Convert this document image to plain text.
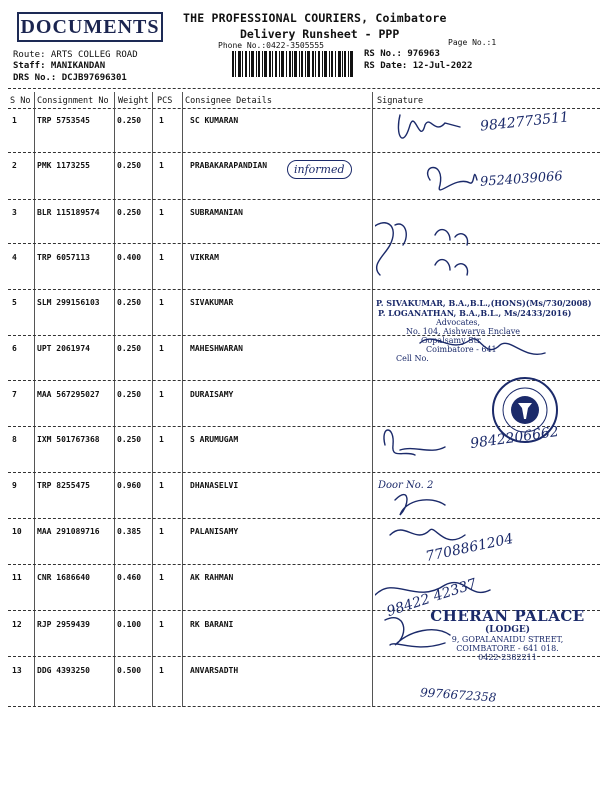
DOCUMENTS THE PROFESSIONAL COURIERS, Coimbatore
Delivery Runsheet - PPP
Phone No.:0422-3505555	Page No.:1
Route: ARTS COLLEG ROAD
Staff: MANIKANDAN
DRS No.: DCJB97696301
RS No.: 976963
RS Date: 12-Jul-2022
S No Consignment No Weight PCS Consignee Details	Signature
1	TRP 5753545	0.250 1	SC KUMARAN
2	PMK 1173255	0.250 1	PRABAKARAPANDIAN
3	BLR 115189574 0.250 1	SUBRAMANIAN
4	TRP 6057113	0.400 1	VIKRAM
5	SLM 299156103 0.250 1	SIVAKUMAR
6	UPT 2061974	0.250 1	MAHESHWARAN
7	MAA 567295027 0.250 1	DURAISAMY
8	IXM 501767368 0.250 1	S ARUMUGAM
9	TRP 8255475	0.960 1	DHANASELVI
10 MAA 291089716 0.385 1	PALANISAMY
11 CNR 1686640	0.460 1	AK RAHMAN
12 RJP 2959439	0.100 1	RK BARANI
13 DDG 4393250	0.500 1	ANVARSADTH
informed
9842773511
9524039066
9842206662
Door No. 2
7708861204
98422 42337
9976672358
P. SIVAKUMAR, B.A.,B.L.,(HONS)(Ms/730/2008)
P. LOGANATHAN, B.A.,B.L., Ms/2433/2016)
Advocates,
No. 104, Aishwarya Enclave
Gopalsamy Str
Coimbatore - 641
Cell No.
CHERAN PALACE
(LODGE)
9, GOPALANAIDU STREET,
COIMBATORE - 641 018.
0422-2382211
